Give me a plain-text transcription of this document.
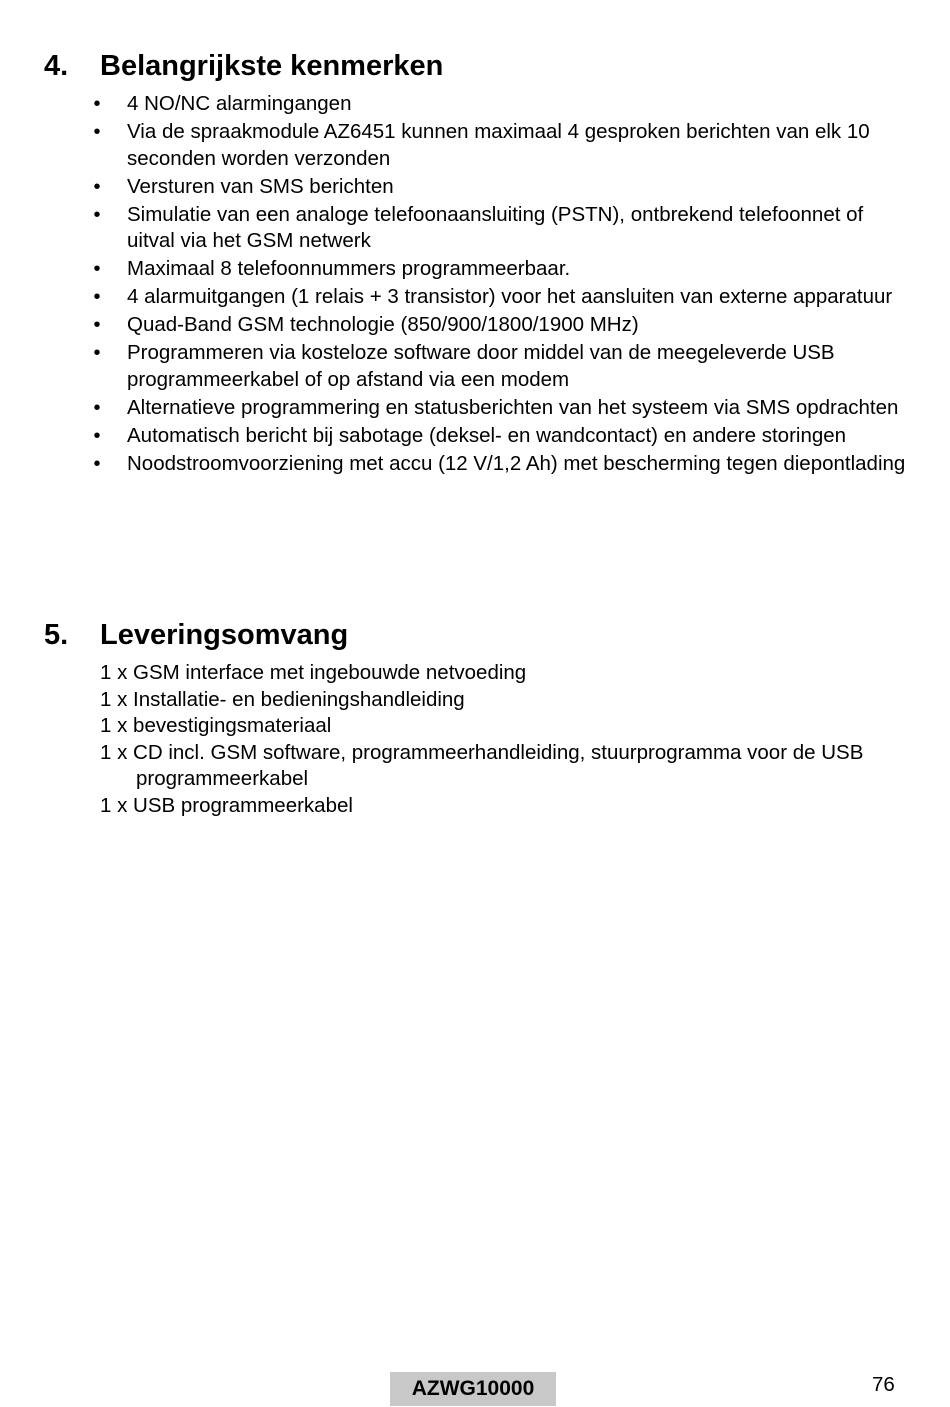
4. Belangrijkste kenmerken
• 4 NO/NC alarmingangen
• Via de spraakmodule AZ6451 kunnen maximaal 4 gesproken berichten van elk 10 seconden worden verzonden
• Versturen van SMS berichten
• Simulatie van een analoge telefoonaansluiting (PSTN), ontbrekend telefoonnet of uitval via het GSM netwerk
• Maximaal 8 telefoonnummers programmeerbaar.
• 4 alarmuitgangen (1 relais + 3 transistor) voor het aansluiten van externe apparatuur
• Quad-Band GSM technologie (850/900/1800/1900 MHz)
• Programmeren via kosteloze software door middel van de meegeleverde USB programmeerkabel of op afstand via een modem
• Alternatieve programmering en statusberichten van het systeem via SMS opdrachten
• Automatisch bericht bij sabotage (deksel- en wandcontact) en andere storingen
• Noodstroomvoorziening met accu (12 V/1,2 Ah) met bescherming tegen diepontlading
5. Leveringsomvang
1 x GSM interface met ingebouwde netvoeding
1 x Installatie- en bedieningshandleiding
1 x bevestigingsmateriaal
1 x CD incl. GSM software, programmeerhandleiding, stuurprogramma voor de USB programmeerkabel
1 x USB programmeerkabel
AZWG10000	76
